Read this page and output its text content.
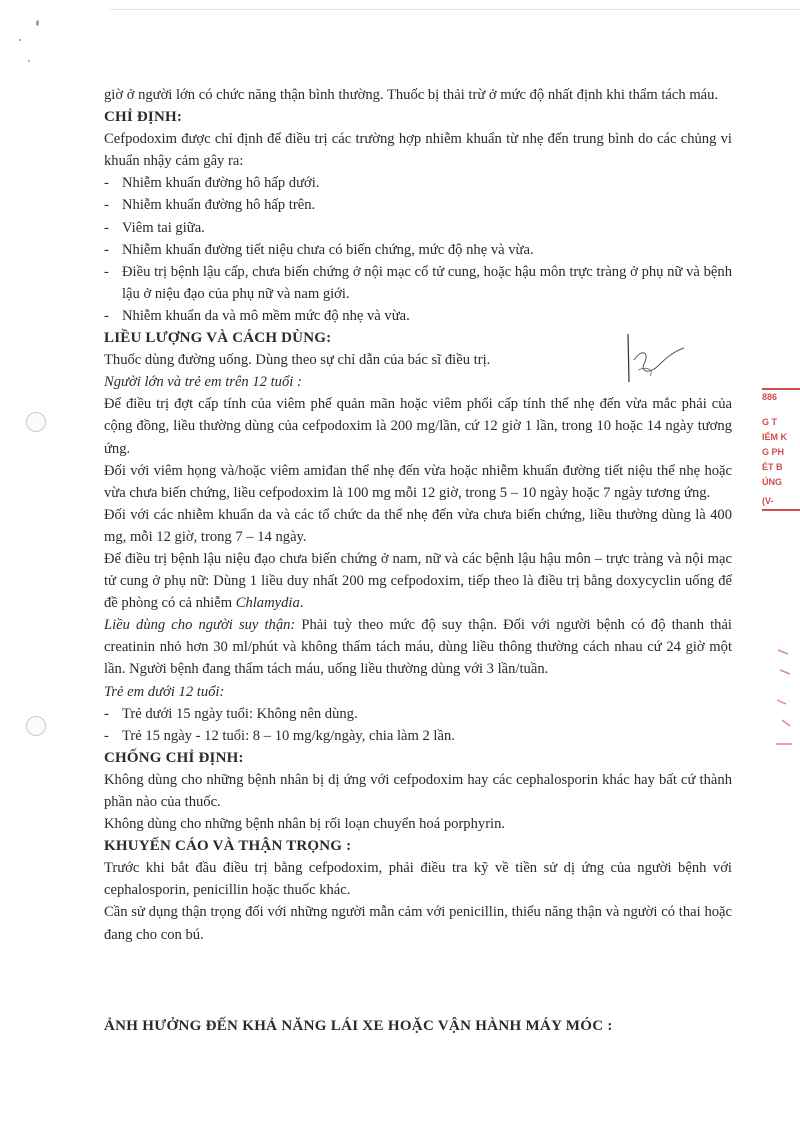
886
G T
IỂM K
G PH
ÉT B
ÚNG
(V-

giờ ở người lớn có chức năng thận bình thường. Thuốc bị thải trừ ở mức độ nhất định khi thẩm tách máu.

CHỈ ĐỊNH:

Cefpodoxim được chỉ định để điều trị các trường hợp nhiễm khuẩn từ nhẹ đến trung bình do các chủng vi khuẩn nhậy cảm gây ra:

- Nhiễm khuẩn đường hô hấp dưới.
- Nhiễm khuẩn đường hô hấp trên.
- Viêm tai giữa.
- Nhiễm khuẩn đường tiết niệu chưa có biến chứng, mức độ nhẹ và vừa.
- Điều trị bệnh lậu cấp, chưa biến chứng ở nội mạc cổ tử cung, hoặc hậu môn trực tràng ở phụ nữ và bệnh lậu ở niệu đạo của phụ nữ và nam giới.
- Nhiễm khuẩn da và mô mềm mức độ nhẹ và vừa.
LIỀU LƯỢNG VÀ CÁCH DÙNG:

Thuốc dùng đường uống. Dùng theo sự chỉ dẫn của bác sĩ điều trị.

Người lớn và trẻ em trên 12 tuổi :

Để điều trị đợt cấp tính của viêm phế quản mãn hoặc viêm phổi cấp tính thể nhẹ đến vừa mắc phải của cộng đồng, liều thường dùng của cefpodoxim là 200 mg/lần, cứ 12 giờ 1 lần, trong 10 hoặc 14 ngày tương ứng.

Đối với viêm họng và/hoặc viêm amiđan thể nhẹ đến vừa hoặc nhiễm khuẩn đường tiết niệu thể nhẹ hoặc vừa chưa biến chứng, liều cefpodoxim là 100 mg mỗi 12 giờ, trong 5 – 10 ngày hoặc 7 ngày tương ứng.

Đối với các nhiễm khuẩn da và các tổ chức da thể nhẹ đến vừa chưa biến chứng, liều thường dùng là 400 mg, mỗi 12 giờ, trong 7 – 14 ngày.

Để điều trị bệnh lậu niệu đạo chưa biến chứng ở nam, nữ và các bệnh lậu hậu môn – trực tràng và nội mạc tử cung ở phụ nữ: Dùng 1 liều duy nhất 200 mg cefpodoxim, tiếp theo là điều trị bằng doxycyclin uống để đề phòng có cả nhiễm Chlamydia.

Liều dùng cho người suy thận: Phải tuỳ theo mức độ suy thận. Đối với người bệnh có độ thanh thải creatinin nhỏ hơn 30 ml/phút và không thẩm tách máu, dùng liều thông thường cách nhau cứ 24 giờ một lần. Người bệnh đang thẩm tách máu, uống liều thường dùng với 3 lần/tuần.

Trẻ em dưới 12 tuổi:

- Trẻ dưới 15 ngày tuổi: Không nên dùng.
- Trẻ 15 ngày - 12 tuổi: 8 – 10 mg/kg/ngày, chia làm 2 lần.
CHỐNG CHỈ ĐỊNH:

Không dùng cho những bệnh nhân bị dị ứng với cefpodoxim hay các cephalosporin khác hay bất cứ thành phần nào của thuốc.

Không dùng cho những bệnh nhân bị rối loạn chuyển hoá porphyrin.

KHUYẾN CÁO VÀ THẬN TRỌNG :

Trước khi bắt đầu điều trị bằng cefpodoxim, phải điều tra kỹ về tiền sử dị ứng của người bệnh với cephalosporin, penicillin hoặc thuốc khác.

Cần sử dụng thận trọng đối với những người mẫn cảm với penicillin, thiểu năng thận và người có thai hoặc đang cho con bú.

ẢNH HƯỞNG ĐẾN KHẢ NĂNG LÁI XE HOẶC VẬN HÀNH MÁY MÓC :
